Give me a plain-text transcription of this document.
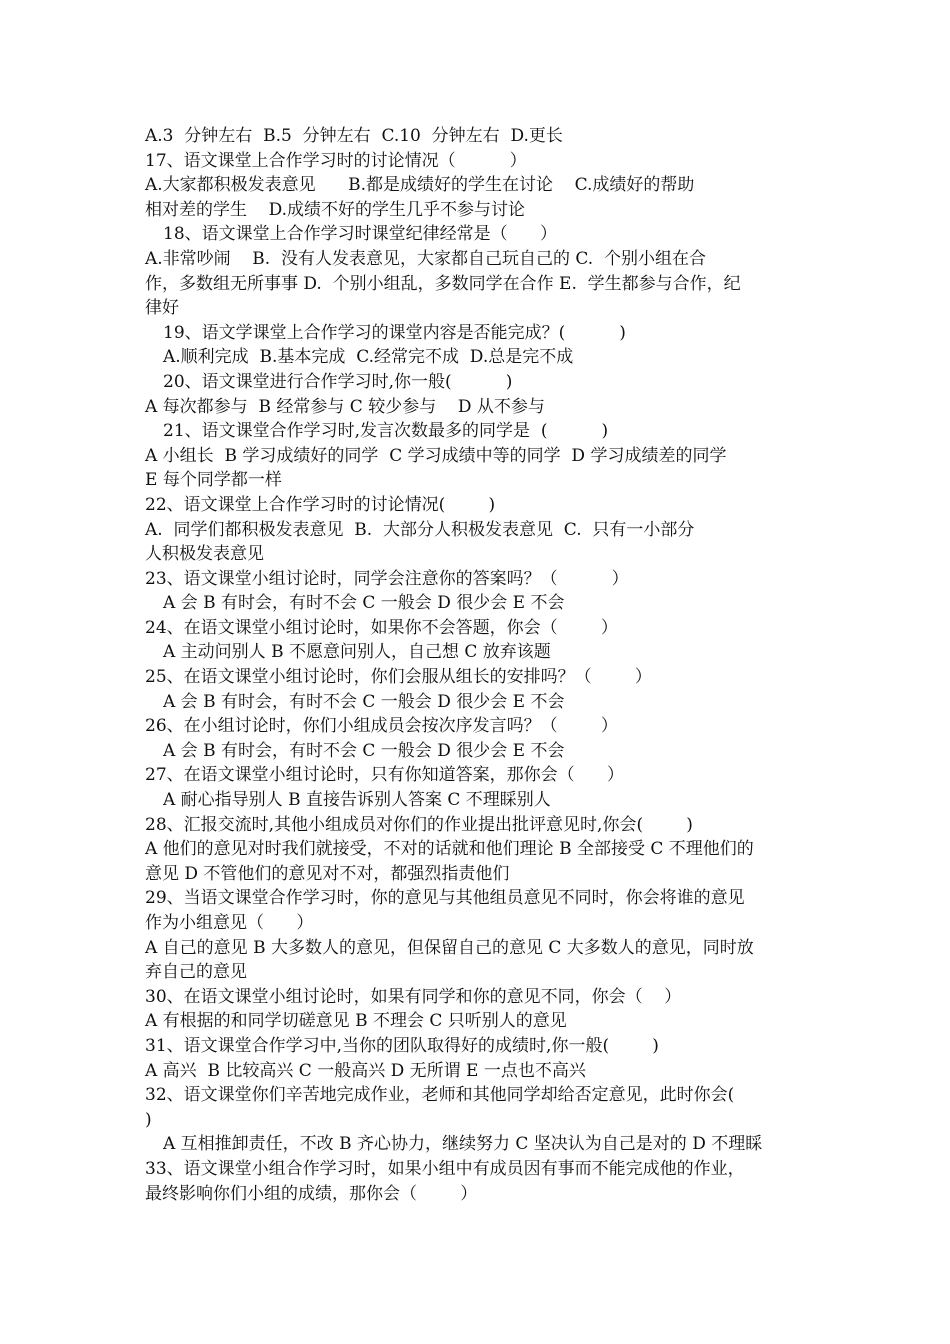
A.3  分钟左右  B.5  分钟左右  C.10  分钟左右  D.更长
17、语文课堂上合作学习时的讨论情况（          ）
A.大家都积极发表意见      B.都是成绩好的学生在讨论    C.成绩好的帮助
相对差的学生    D.成绩不好的学生几乎不参与讨论
18、语文课堂上合作学习时课堂纪律经常是（      ）
A.非常吵闹    B.  没有人发表意见，大家都自己玩自己的 C.  个别小组在合
作，多数组无所事事 D.  个别小组乱，多数同学在合作 E.  学生都参与合作，纪
律好
19、语文学课堂上合作学习的课堂内容是否能完成？(          )
A.顺利完成  B.基本完成  C.经常完不成  D.总是完不成
20、语文课堂进行合作学习时,你一般(          )
A 每次都参与  B 经常参与 C 较少参与    D 从不参与
21、语文课堂合作学习时,发言次数最多的同学是  (          )
A 小组长  B 学习成绩好的同学  C 学习成绩中等的同学  D 学习成绩差的同学
E 每个同学都一样
22、语文课堂上合作学习时的讨论情况(        )
A.  同学们都积极发表意见  B.  大部分人积极发表意见  C.  只有一小部分
人积极发表意见
23、语文课堂小组讨论时，同学会注意你的答案吗？（          ）
A 会 B 有时会，有时不会 C 一般会 D 很少会 E 不会
24、在语文课堂小组讨论时，如果你不会答题，你会（        ）
A 主动问别人 B 不愿意问别人，自己想 C 放弃该题
25、在语文课堂小组讨论时，你们会服从组长的安排吗？（        ）
A 会 B 有时会，有时不会 C 一般会 D 很少会 E 不会
26、在小组讨论时，你们小组成员会按次序发言吗？（        ）
A 会 B 有时会，有时不会 C 一般会 D 很少会 E 不会
27、在语文课堂小组讨论时，只有你知道答案，那你会（      ）
A 耐心指导别人 B 直接告诉别人答案 C 不理睬别人
28、汇报交流时,其他小组成员对你们的作业提出批评意见时,你会(        )
A 他们的意见对时我们就接受，不对的话就和他们理论 B 全部接受 C 不理他们的
意见 D 不管他们的意见对不对，都强烈指责他们
29、当语文课堂合作学习时，你的意见与其他组员意见不同时，你会将谁的意见
作为小组意见（      ）
A 自己的意见 B 大多数人的意见，但保留自己的意见 C 大多数人的意见，同时放
弃自己的意见
30、在语文课堂小组讨论时，如果有同学和你的意见不同，你会（    ）
A 有根据的和同学切磋意见 B 不理会 C 只听别人的意见
31、语文课堂合作学习中,当你的团队取得好的成绩时,你一般(        )
A 高兴  B 比较高兴 C 一般高兴 D 无所谓 E 一点也不高兴
32、语文课堂你们辛苦地完成作业，老师和其他同学却给否定意见，此时你会(
)
A 互相推卸责任，不改 B 齐心协力，继续努力 C 坚决认为自己是对的 D 不理睬
33、语文课堂小组合作学习时，如果小组中有成员因有事而不能完成他的作业，
最终影响你们小组的成绩，那你会（        ）
